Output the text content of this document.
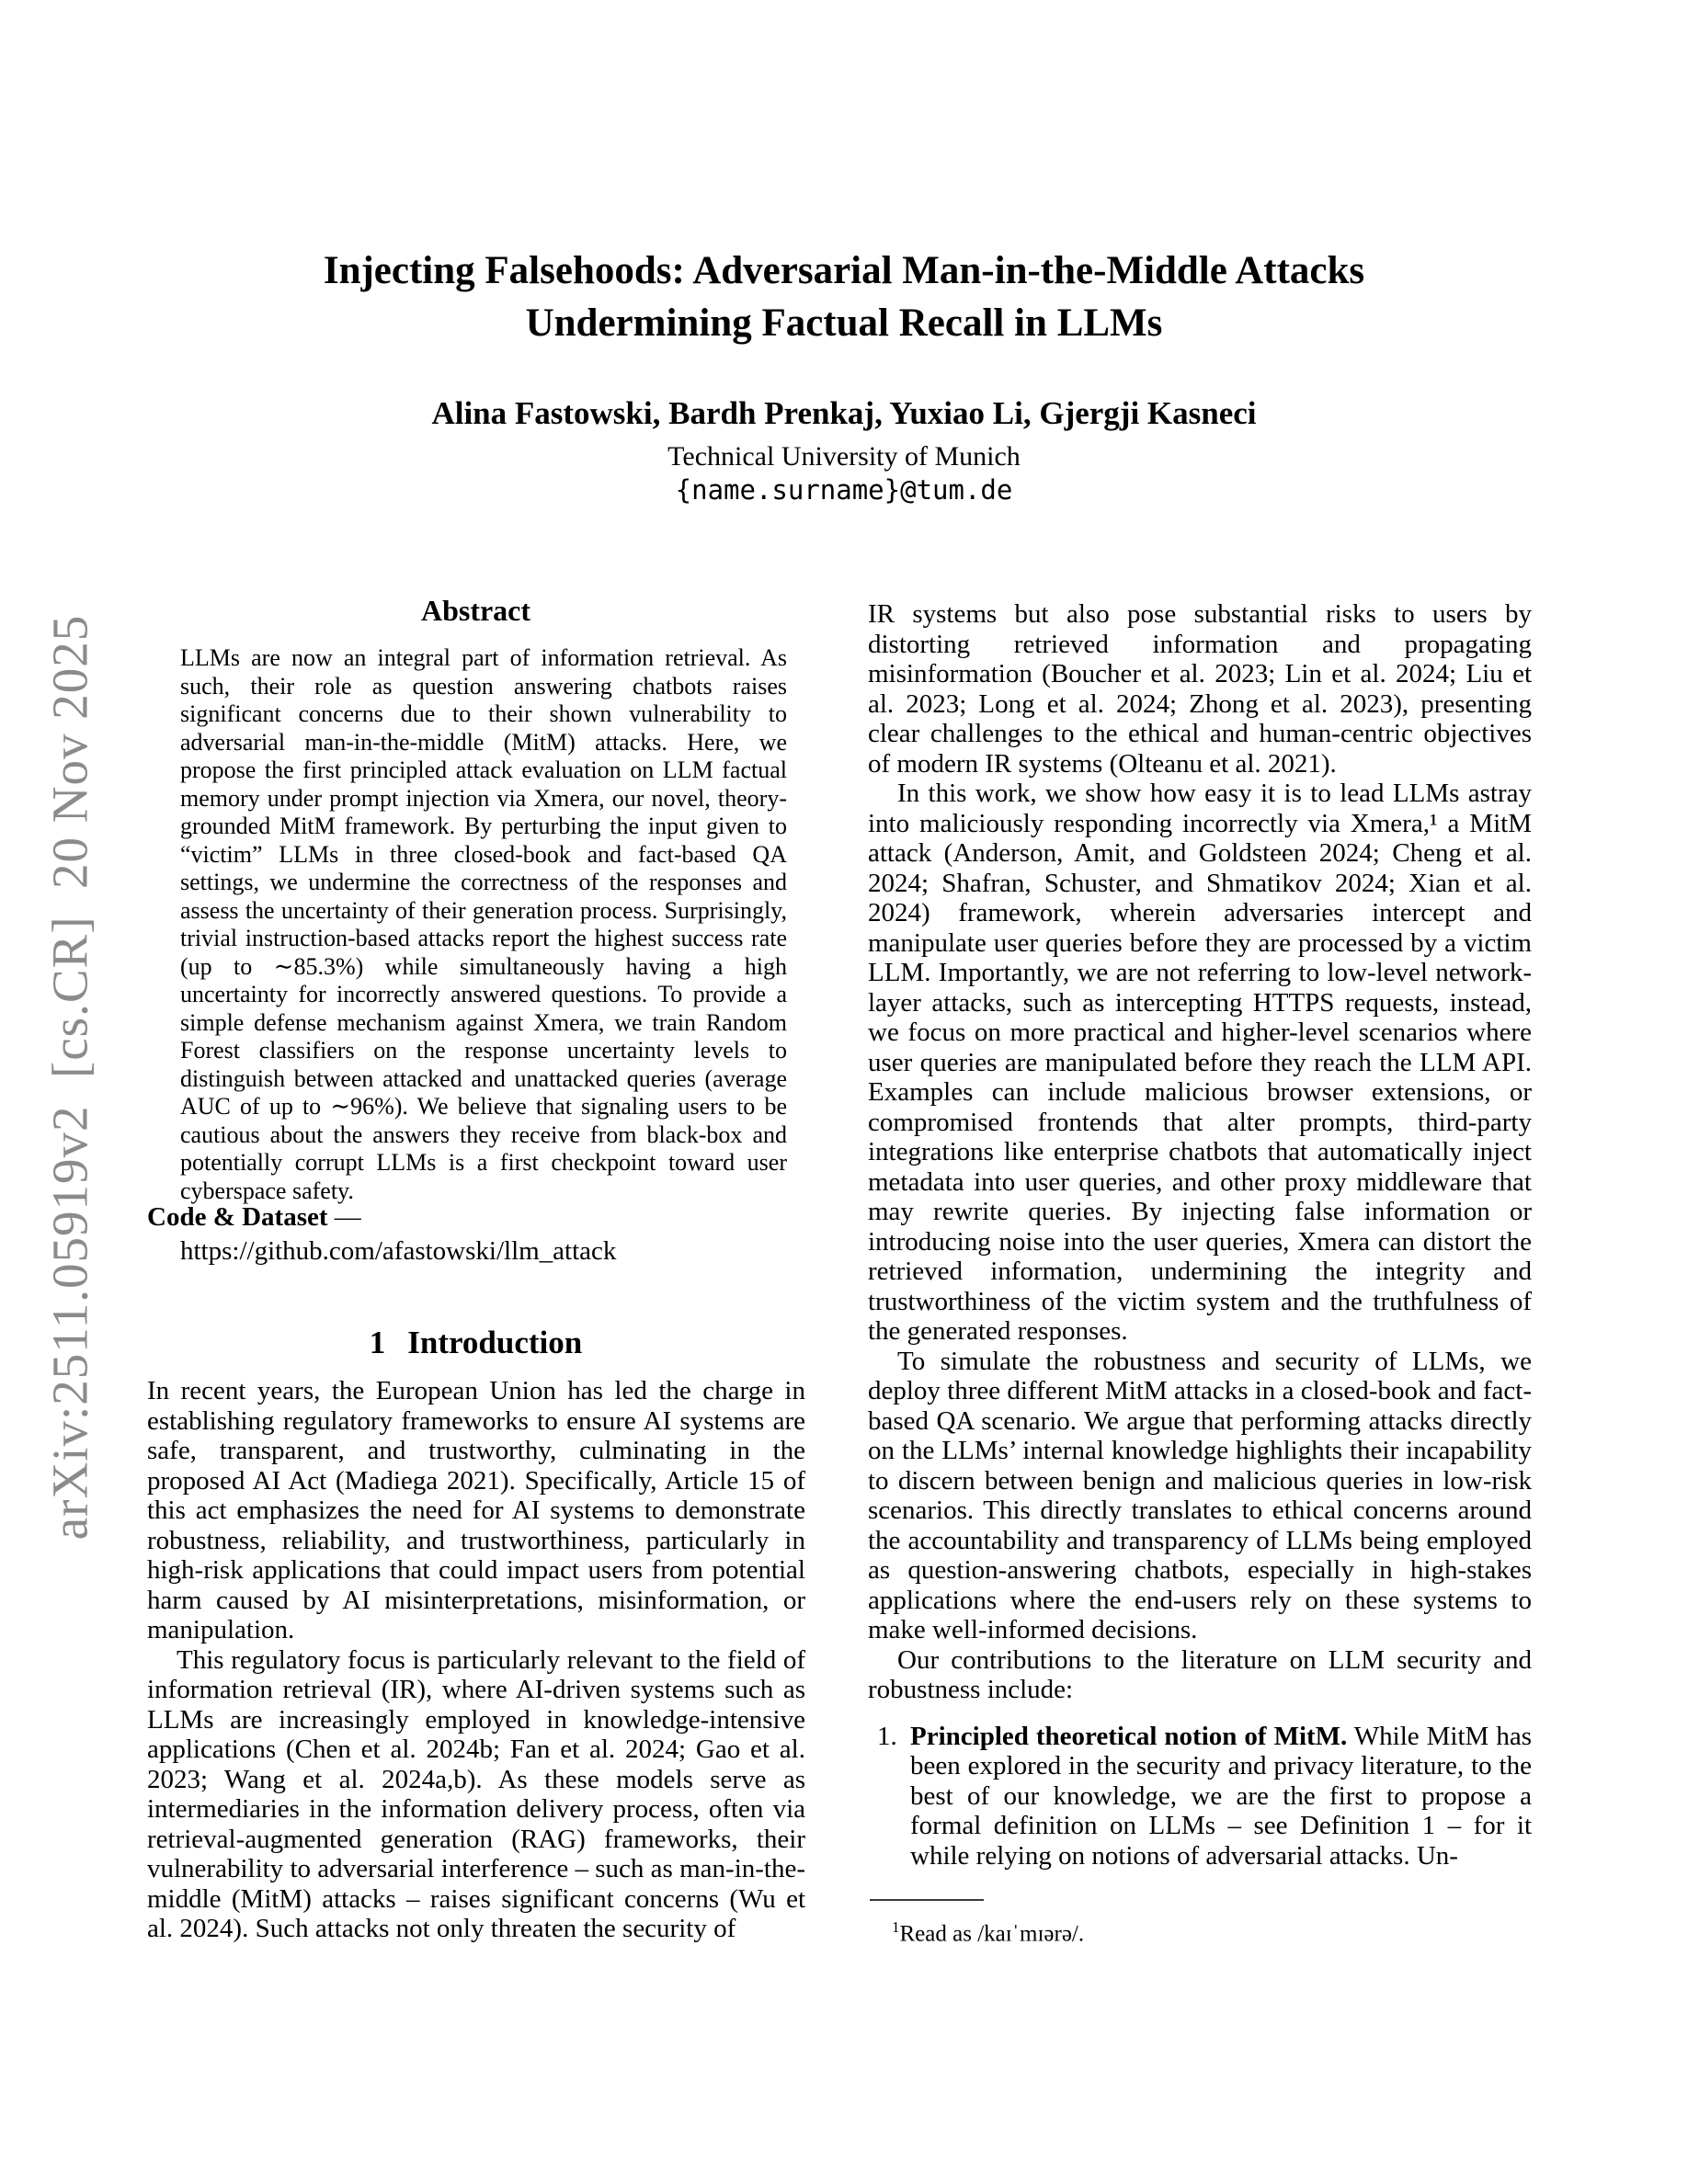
arXiv:2511.05919v2  [cs.CR]  20 Nov 2025
Injecting Falsehoods: Adversarial Man-in-the-Middle Attacks Undermining Factual Recall in LLMs
Alina Fastowski, Bardh Prenkaj, Yuxiao Li, Gjergji Kasneci
Technical University of Munich
{name.surname}@tum.de
Abstract
LLMs are now an integral part of information retrieval. As such, their role as question answering chatbots raises significant concerns due to their shown vulnerability to adversarial man-in-the-middle (MitM) attacks. Here, we propose the first principled attack evaluation on LLM factual memory under prompt injection via Xmera, our novel, theory-grounded MitM framework. By perturbing the input given to “victim” LLMs in three closed-book and fact-based QA settings, we undermine the correctness of the responses and assess the uncertainty of their generation process. Surprisingly, trivial instruction-based attacks report the highest success rate (up to ∼85.3%) while simultaneously having a high uncertainty for incorrectly answered questions. To provide a simple defense mechanism against Xmera, we train Random Forest classifiers on the response uncertainty levels to distinguish between attacked and unattacked queries (average AUC of up to ∼96%). We believe that signaling users to be cautious about the answers they receive from black-box and potentially corrupt LLMs is a first checkpoint toward user cyberspace safety.
Code & Dataset —
https://github.com/afastowski/llm_attack
1 Introduction

In recent years, the European Union has led the charge in establishing regulatory frameworks to ensure AI systems are safe, transparent, and trustworthy, culminating in the proposed AI Act (Madiega 2021). Specifically, Article 15 of this act emphasizes the need for AI systems to demonstrate robustness, reliability, and trustworthiness, particularly in high-risk applications that could impact users from potential harm caused by AI misinterpretations, misinformation, or manipulation.

This regulatory focus is particularly relevant to the field of information retrieval (IR), where AI-driven systems such as LLMs are increasingly employed in knowledge-intensive applications (Chen et al. 2024b; Fan et al. 2024; Gao et al. 2023; Wang et al. 2024a,b). As these models serve as intermediaries in the information delivery process, often via retrieval-augmented generation (RAG) frameworks, their vulnerability to adversarial interference – such as man-in-the-middle (MitM) attacks – raises significant concerns (Wu et al. 2024). Such attacks not only threaten the security of

IR systems but also pose substantial risks to users by distorting retrieved information and propagating misinformation (Boucher et al. 2023; Lin et al. 2024; Liu et al. 2023; Long et al. 2024; Zhong et al. 2023), presenting clear challenges to the ethical and human-centric objectives of modern IR systems (Olteanu et al. 2021).

In this work, we show how easy it is to lead LLMs astray into maliciously responding incorrectly via Xmera,¹ a MitM attack (Anderson, Amit, and Goldsteen 2024; Cheng et al. 2024; Shafran, Schuster, and Shmatikov 2024; Xian et al. 2024) framework, wherein adversaries intercept and manipulate user queries before they are processed by a victim LLM. Importantly, we are not referring to low-level network-layer attacks, such as intercepting HTTPS requests, instead, we focus on more practical and higher-level scenarios where user queries are manipulated before they reach the LLM API. Examples can include malicious browser extensions, or compromised frontends that alter prompts, third-party integrations like enterprise chatbots that automatically inject metadata into user queries, and other proxy middleware that may rewrite queries. By injecting false information or introducing noise into the user queries, Xmera can distort the retrieved information, undermining the integrity and trustworthiness of the victim system and the truthfulness of the generated responses.

To simulate the robustness and security of LLMs, we deploy three different MitM attacks in a closed-book and fact-based QA scenario. We argue that performing attacks directly on the LLMs’ internal knowledge highlights their incapability to discern between benign and malicious queries in low-risk scenarios. This directly translates to ethical concerns around the accountability and transparency of LLMs being employed as question-answering chatbots, especially in high-stakes applications where the end-users rely on these systems to make well-informed decisions.

Our contributions to the literature on LLM security and robustness include:

1. Principled theoretical notion of MitM. While MitM has been explored in the security and privacy literature, to the best of our knowledge, we are the first to propose a formal definition on LLMs – see Definition 1 – for it while relying on notions of adversarial attacks. Un-
$^1$Read as /kaɪˈmɪərə/.
